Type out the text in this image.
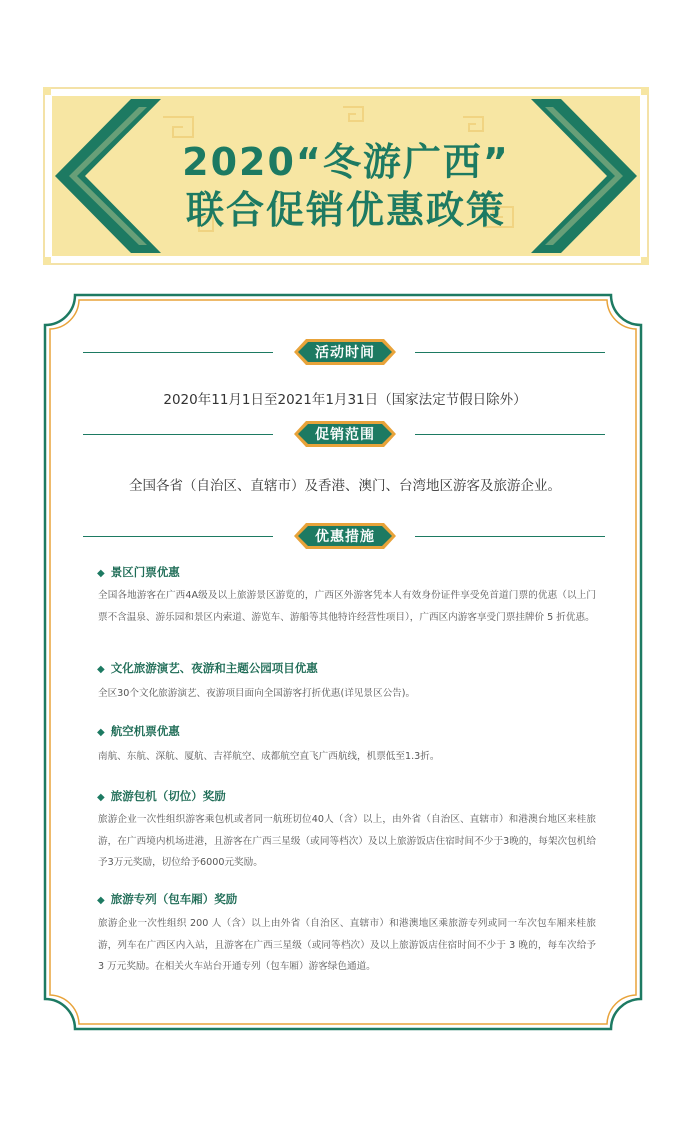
2020“冬游广西”
联合促销优惠政策
活动时间
2020年11月1日至2021年1月31日（国家法定节假日除外）
促销范围
全国各省（自治区、直辖市）及香港、澳门、台湾地区游客及旅游企业。
优惠措施
◆ 景区门票优惠
全国各地游客在广西4A级及以上旅游景区游览的，广西区外游客凭本人有效身份证件享受免首道门票的优惠（以上门票不含温泉、游乐园和景区内索道、游览车、游船等其他特许经营性项目），广西区内游客享受门票挂牌价 5 折优惠。
◆ 文化旅游演艺、夜游和主题公园项目优惠
全区30个文化旅游演艺、夜游项目面向全国游客打折优惠(详见景区公告)。
◆ 航空机票优惠
南航、东航、深航、厦航、吉祥航空、成都航空直飞广西航线，机票低至1.3折。
◆ 旅游包机（切位）奖励
旅游企业一次性组织游客乘包机或者同一航班切位40人（含）以上，由外省（自治区、直辖市）和港澳台地区来桂旅游，在广西境内机场进港，且游客在广西三星级（或同等档次）及以上旅游饭店住宿时间不少于3晚的，每架次包机给予3万元奖励，切位给予6000元奖励。
◆ 旅游专列（包车厢）奖励
旅游企业一次性组织 200 人（含）以上由外省（自治区、直辖市）和港澳地区乘旅游专列或同一车次包车厢来桂旅游，列车在广西区内入站，且游客在广西三星级（或同等档次）及以上旅游饭店住宿时间不少于 3 晚的，每车次给予 3 万元奖励。在相关火车站台开通专列（包车厢）游客绿色通道。
